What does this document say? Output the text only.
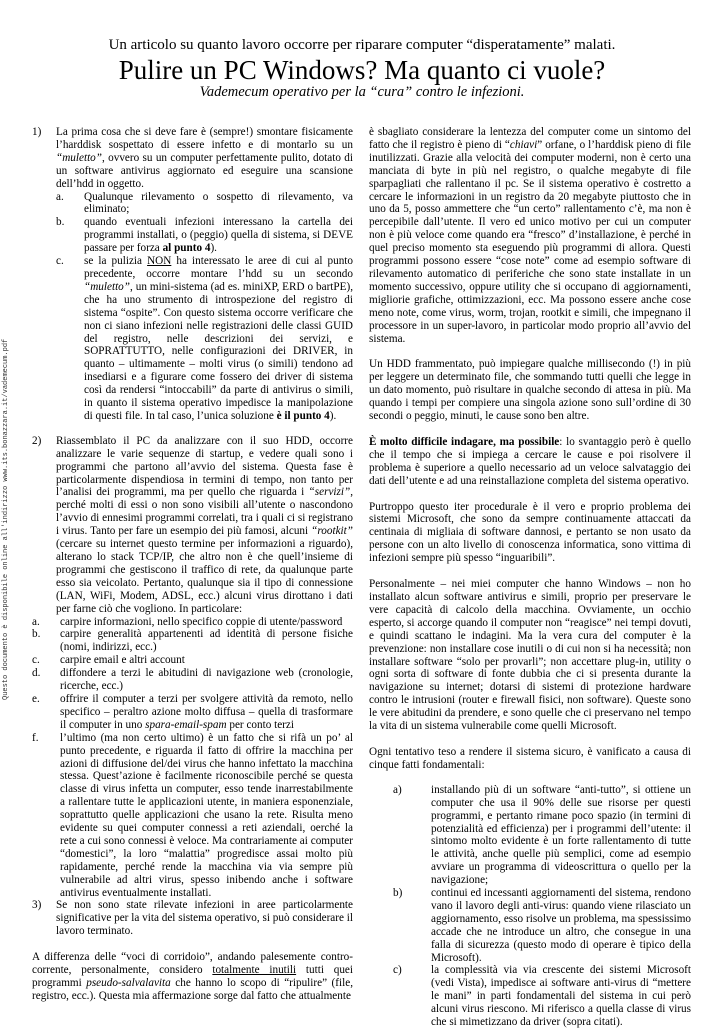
Questo documento è disponibile online all'indirizzo www.its.bonazzara.it/vademecum.pdf
Un articolo su quanto lavoro occorre per riparare computer “disperatamente” malati.
Pulire un PC Windows? Ma quanto ci vuole?
Vademecum operativo per la “cura” contro le infezioni.
1) La prima cosa che si deve fare è (sempre!) smontare fisicamente l’harddisk sospettato di essere infetto e di montarlo su un “muletto”, ovvero su un computer perfettamente pulito, dotato di un software antivirus aggiornato ed eseguire una scansione dell’hdd in oggetto.

a. Qualunque rilevamento o sospetto di rilevamento, va eliminato;

b. quando eventuali infezioni interessano la cartella dei programmi installati, o (peggio) quella di sistema, si DEVE passare per forza al punto 4).

c. se la pulizia NON ha interessato le aree di cui al punto precedente, occorre montare l’hdd su un secondo “muletto”, un mini-sistema (ad es. miniXP, ERD o bartPE), che ha uno strumento di introspezione del registro di sistema “ospite”. Con questo sistema occorre verificare che non ci siano infezioni nelle registrazioni delle classi GUID del registro, nelle descrizioni dei servizi, e SOPRATTUTTO, nelle configurazioni dei DRIVER, in quanto – ultimamente – molti virus (o simili) tendono ad insediarsi e a figurare come fossero dei driver di sistema così da rendersi “intoccabili” da parte di antivirus o simili, in quanto il sistema operativo impedisce la manipolazione di questi file. In tal caso, l’unica soluzione è il punto 4).

2) Riassemblato il PC da analizzare con il suo HDD, occorre analizzare le varie sequenze di startup, e vedere quali sono i programmi che partono all’avvio del sistema. Questa fase è particolarmente dispendiosa in termini di tempo, non tanto per l’analisi dei programmi, ma per quello che riguarda i “servizi”, perché molti di essi o non sono visibili all’utente o nascondono l’avvio di ennesimi programmi correlati, tra i quali ci si registrano i virus. Tanto per fare un esempio dei più famosi, alcuni “rootkit” (cercare su internet questo termine per informazioni a riguardo), alterano lo stack TCP/IP, che altro non è che quell’insieme di programmi che gestiscono il traffico di rete, da qualunque parte esso sia veicolato. Pertanto, qualunque sia il tipo di connessione (LAN, WiFi, Modem, ADSL, ecc.) alcuni virus dirottano i dati per farne ciò che vogliono. In particolare:

a. carpire informazioni, nello specifico coppie di utente/password

b. carpire generalità appartenenti ad identità di persone fisiche (nomi, indirizzi, ecc.)

c. carpire email e altri account

d. diffondere a terzi le abitudini di navigazione web (cronologie, ricerche, ecc.)

e. offrire il computer a terzi per svolgere attività da remoto, nello specifico – peraltro azione molto diffusa – quella di trasformare il computer in uno spara-email-spam per conto terzi

f. l’ultimo (ma non certo ultimo) è un fatto che si rifà un po’ al punto precedente, e riguarda il fatto di offrire la macchina per azioni di diffusione del/dei virus che hanno infettato la macchina stessa. Quest’azione è facilmente riconoscibile perché se questa classe di virus infetta un computer, esso tende inarrestabilmente a rallentare tutte le applicazioni utente, in maniera esponenziale, soprattutto quelle applicazioni che usano la rete. Risulta meno evidente su quei computer connessi a reti aziendali, oerché la rete a cui sono connessi è veloce. Ma contrariamente ai computer “domestici”, la loro “malattia” progredisce assai molto più rapidamente, perché rende la macchina via via sempre più vulnerabile ad altri virus, spesso inibendo anche i software antivirus eventualmente installati.

3) Se non sono state rilevate infezioni in aree particolarmente significative per la vita del sistema operativo, si può considerare il lavoro terminato.

A differenza delle “voci di corridoio”, andando palesemente contro-corrente, personalmente, considero totalmente inutili tutti quei programmi pseudo-salvalavita che hanno lo scopo di “ripulire” (file, registro, ecc.). Questa mia affermazione sorge dal fatto che attualmente

è sbagliato considerare la lentezza del computer come un sintomo del fatto che il registro è pieno di “chiavi” orfane, o l’harddisk pieno di file inutilizzati. Grazie alla velocità dei computer moderni, non è certo una manciata di byte in più nel registro, o qualche megabyte di file sparpagliati che rallentano il pc. Se il sistema operativo è costretto a cercare le informazioni in un registro da 20 megabyte piuttosto che in uno da 5, posso ammettere che “un certo” rallentamento c’è, ma non è percepibile dall’utente. Il vero ed unico motivo per cui un computer non è più veloce come quando era “fresco” d’installazione, è perché in quel preciso momento sta eseguendo più programmi di allora. Questi programmi possono essere “cose note” come ad esempio software di rilevamento automatico di periferiche che sono state installate in un momento successivo, oppure utility che si occupano di aggiornamenti, migliorie grafiche, ottimizzazioni, ecc. Ma possono essere anche cose meno note, come virus, worm, trojan, rootkit e simili, che impegnano il processore in un super-lavoro, in particolar modo proprio all’avvio del sistema.

Un HDD frammentato, può impiegare qualche millisecondo (!) in più per leggere un determinato file, che sommando tutti quelli che legge in un dato momento, può risultare in qualche secondo di attesa in più. Ma quando i tempi per compiere una singola azione sono sull’ordine di 30 secondi o peggio, minuti, le cause sono ben altre.

È molto difficile indagare, ma possibile: lo svantaggio però è quello che il tempo che si impiega a cercare le cause e poi risolvere il problema è superiore a quello necessario ad un veloce salvataggio dei dati dell’utente e ad una reinstallazione completa del sistema operativo.

Purtroppo questo iter procedurale è il vero e proprio problema dei sistemi Microsoft, che sono da sempre continuamente attaccati da centinaia di migliaia di software dannosi, e pertanto se non usato da persone con un alto livello di conoscenza informatica, sono vittima di infezioni sempre più spesso “inguaribili”.

Personalmente – nei miei computer che hanno Windows – non ho installato alcun software antivirus e simili, proprio per preservare le vere capacità di calcolo della macchina. Ovviamente, un occhio esperto, si accorge quando il computer non “reagisce” nei tempi dovuti, e quindi scattano le indagini. Ma la vera cura del computer è la prevenzione: non installare cose inutili o di cui non si ha necessità; non installare software “solo per provarli”; non accettare plug-in, utility o ogni sorta di software di fonte dubbia che ci si presenta durante la navigazione su internet; dotarsi di sistemi di protezione hardware contro le intrusioni (router e firewall fisici, non software). Queste sono le vere abitudini da prendere, e sono quelle che ci preservano nel tempo la vita di un sistema vulnerabile come quelli Microsoft.

Ogni tentativo teso a rendere il sistema sicuro, è vanificato a causa di cinque fatti fondamentali:

a)	installando più di un software “anti-tutto”, si ottiene un computer che usa il 90% delle sue risorse per questi programmi, e pertanto rimane poco spazio (in termini di potenzialità ed efficienza) per i programmi dell’utente: il sintomo molto evidente è un forte rallentamento di tutte le attività, anche quelle più semplici, come ad esempio avviare un programma di videoscrittura o quello per la navigazione;

b)	continui ed incessanti aggiornamenti del sistema, rendono vano il lavoro degli anti-virus: quando viene rilasciato un aggiornamento, esso risolve un problema, ma spessissimo accade che ne introduce un altro, che consegue in una falla di sicurezza (questo modo di operare è tipico della Microsoft).

c)	la complessità via via crescente dei sistemi Microsoft (vedi Vista), impedisce ai software anti-virus di “mettere le mani” in parti fondamentali del sistema in cui però alcuni virus riescono. Mi riferisco a quella classe di virus che si mimetizzano da driver (sopra citati).
